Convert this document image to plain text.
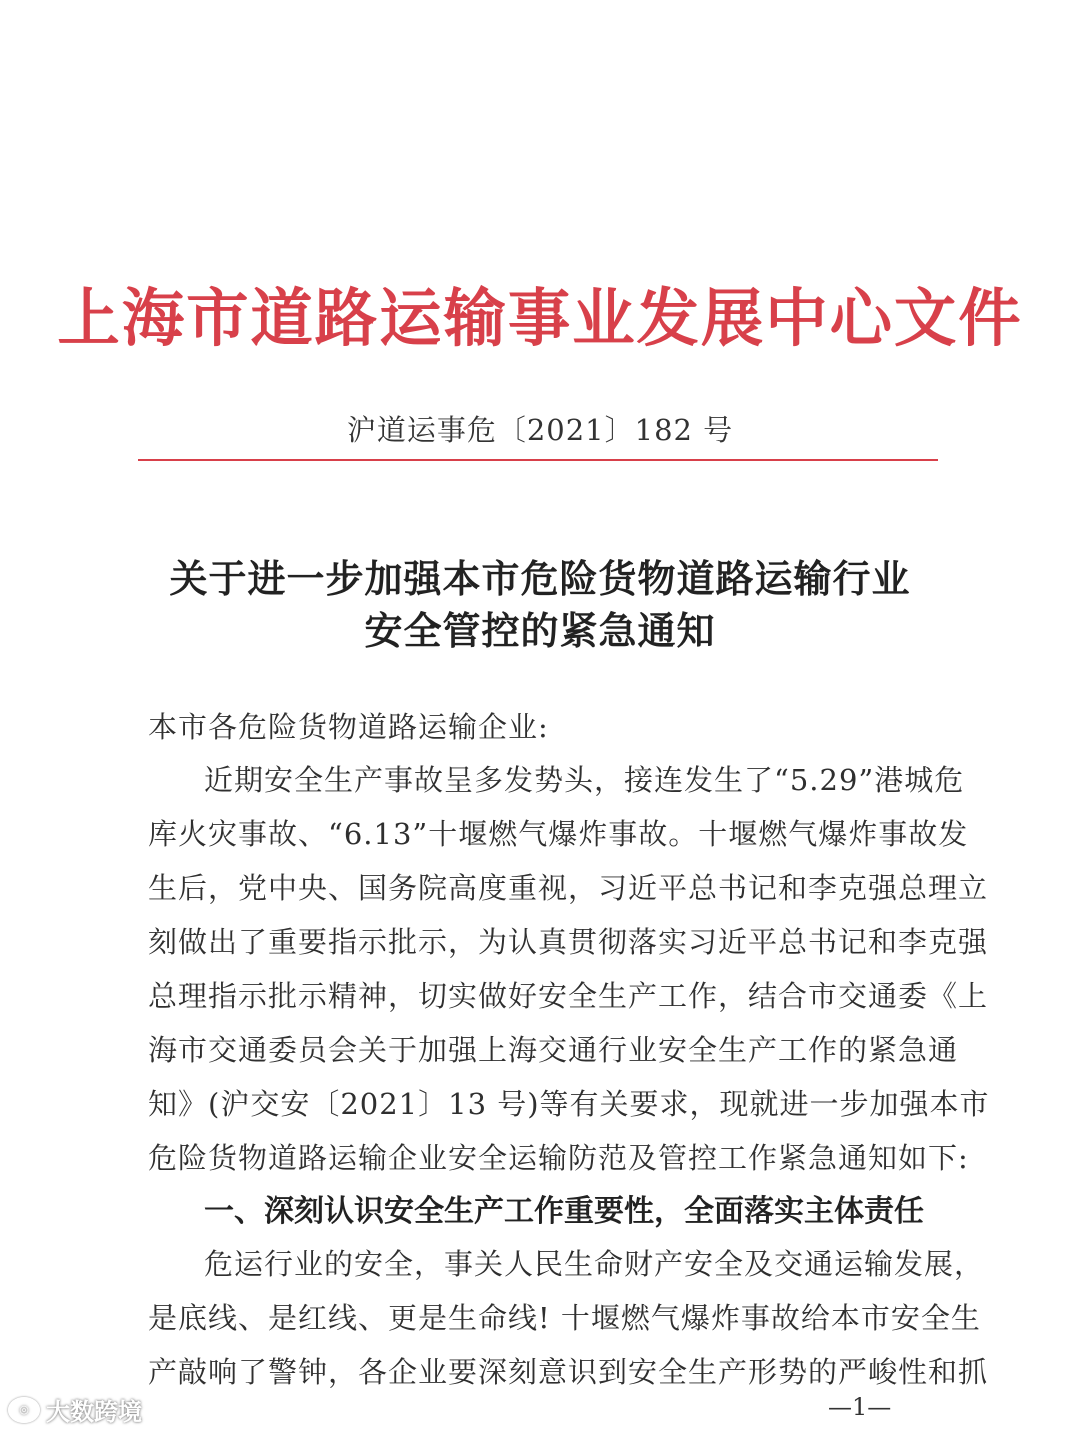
上海市道路运输事业发展中心文件
沪道运事危〔2021〕182 号
关于进一步加强本市危险货物道路运输行业
安全管控的紧急通知
本市各危险货物道路运输企业:
近期安全生产事故呈多发势头，接连发生了“5.29”港城危
库火灾事故、“6.13”十堰燃气爆炸事故。十堰燃气爆炸事故发
生后，党中央、国务院高度重视，习近平总书记和李克强总理立
刻做出了重要指示批示，为认真贯彻落实习近平总书记和李克强
总理指示批示精神，切实做好安全生产工作，结合市交通委《上
海市交通委员会关于加强上海交通行业安全生产工作的紧急通
知》(沪交安〔2021〕13 号)等有关要求，现就进一步加强本市
危险货物道路运输企业安全运输防范及管控工作紧急通知如下:
一、深刻认识安全生产工作重要性，全面落实主体责任
危运行业的安全，事关人民生命财产安全及交通运输发展，
是底线、是红线、更是生命线! 十堰燃气爆炸事故给本市安全生
产敲响了警钟，各企业要深刻意识到安全生产形势的严峻性和抓
—1—
◎ 大数跨境
